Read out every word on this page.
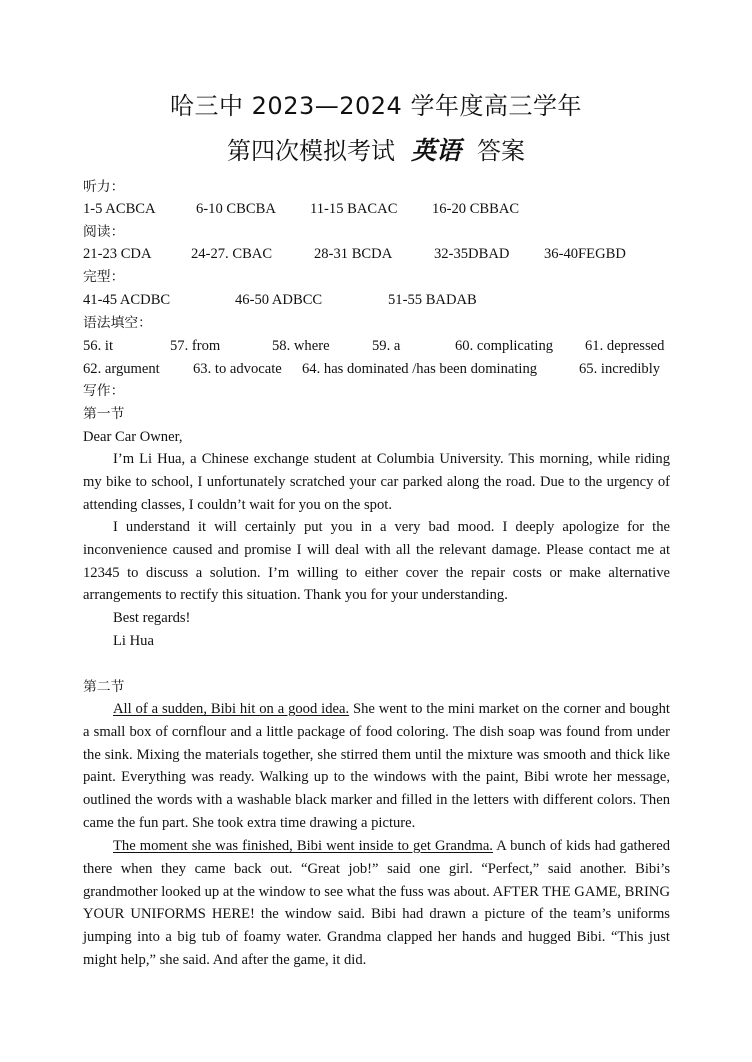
哈三中 2023—2024 学年度高三学年
第四次模拟考试 英语 答案
听力：
1-5 ACBCA	6-10 CBCBA 11-15 BACAC 16-20 CBBAC
阅读：
21-23 CDA	24-27. CBAC	28-31 BCDA	32-35DBAD 36-40FEGBD
完型：
41-45 ACDBC	46-50 ADBCC	51-55 BADAB
语法填空：
56. it	57. from	58. where	59. a	60. complicating 61. depressed
62. argument 63. to advocate 64. has dominated /has been dominating	65. incredibly
写作：
第一节
Dear Car Owner,

I’m Li Hua, a Chinese exchange student at Columbia University. This morning, while riding my bike to school, I unfortunately scratched your car parked along the road. Due to the urgency of attending classes, I couldn’t wait for you on the spot.

I understand it will certainly put you in a very bad mood. I deeply apologize for the inconvenience caused and promise I will deal with all the relevant damage. Please contact me at 12345 to discuss a solution. I’m willing to either cover the repair costs or make alternative arrangements to rectify this situation. Thank you for your understanding.

Best regards!
Li Hua
第二节

All of a sudden, Bibi hit on a good idea. She went to the mini market on the corner and bought a small box of cornflour and a little package of food coloring. The dish soap was found from under the sink. Mixing the materials together, she stirred them until the mixture was smooth and thick like paint. Everything was ready. Walking up to the windows with the paint, Bibi wrote her message, outlined the words with a washable black marker and filled in the letters with different colors. Then came the fun part. She took extra time drawing a picture.

The moment she was finished, Bibi went inside to get Grandma. A bunch of kids had gathered there when they came back out. “Great job!” said one girl. “Perfect,” said another. Bibi’s grandmother looked up at the window to see what the fuss was about. AFTER THE GAME, BRING YOUR UNIFORMS HERE! the window said. Bibi had drawn a picture of the team’s uniforms jumping into a big tub of foamy water. Grandma clapped her hands and hugged Bibi. “This just might help,” she said. And after the game, it did.
